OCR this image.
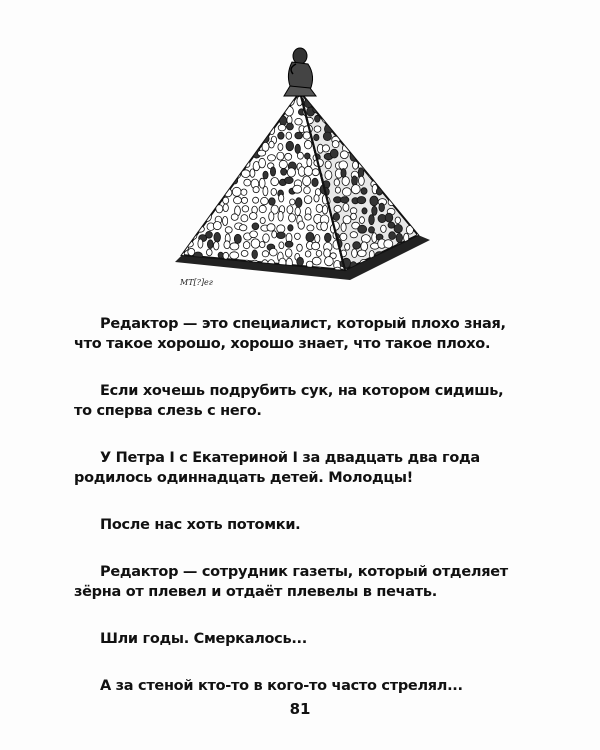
МТ[?]ег

Редактор — это специалист, который плохо зная, что такое хорошо, хорошо знает, что такое плохо.

Если хочешь подрубить сук, на котором сидишь, то сперва слезь с него.

У Петра I с Екатериной I за двадцать два года родилось одиннадцать детей. Молодцы!

После нас хоть потомки.

Редактор — сотрудник газеты, который отделяет зёрна от плевел и отдаёт плевелы в печать.

Шли годы. Смеркалось...

А за стеной кто-то в кого-то часто стрелял...

81
